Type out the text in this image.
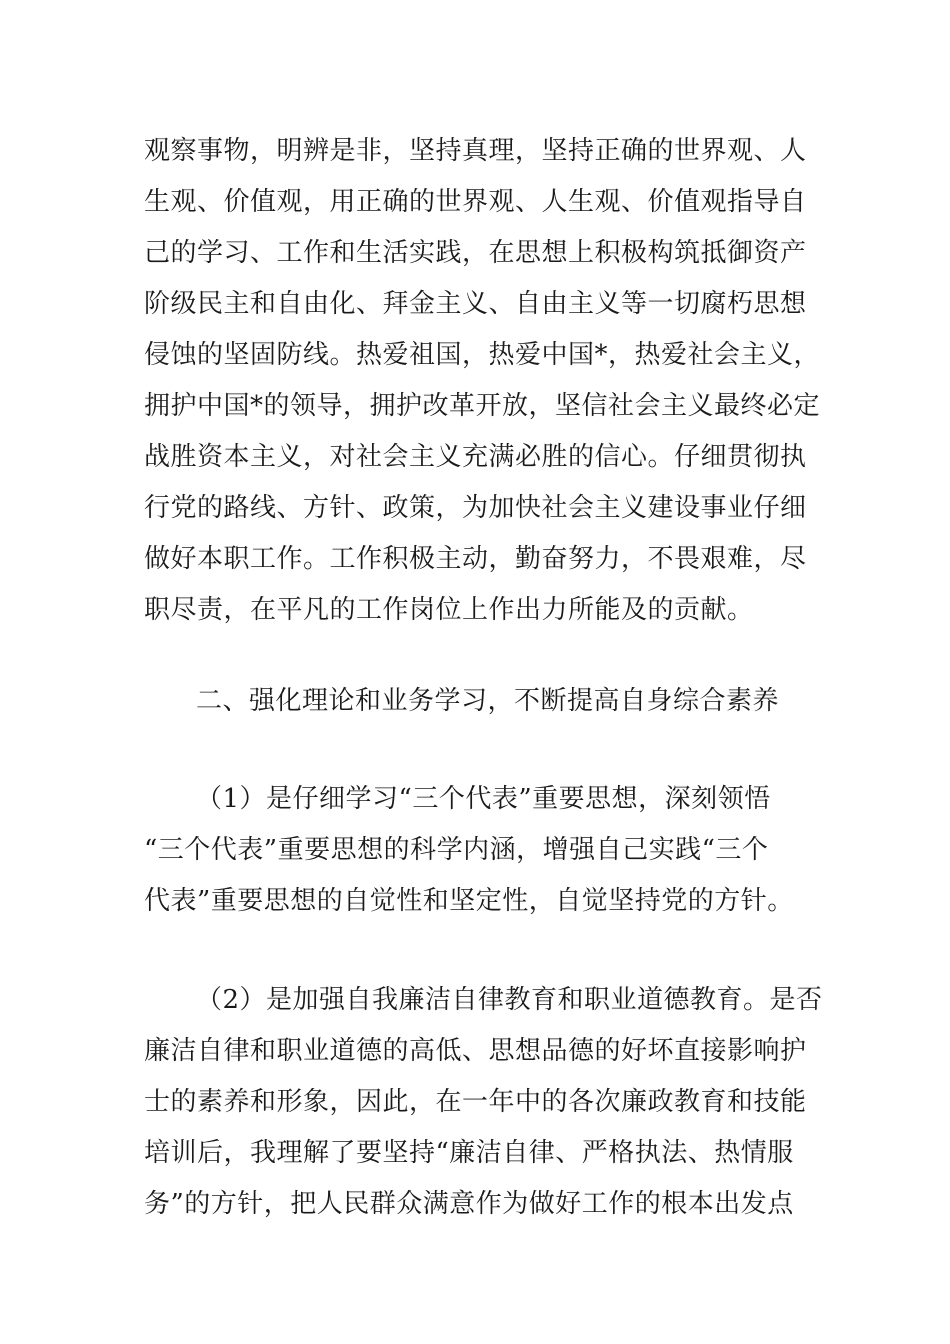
观察事物，明辨是非，坚持真理，坚持正确的世界观、人
生观、价值观，用正确的世界观、人生观、价值观指导自
己的学习、工作和生活实践，在思想上积极构筑抵御资产
阶级民主和自由化、拜金主义、自由主义等一切腐朽思想
侵蚀的坚固防线。热爱祖国，热爱中国*，热爱社会主义，
拥护中国*的领导，拥护改革开放，坚信社会主义最终必定
战胜资本主义，对社会主义充满必胜的信心。仔细贯彻执
行党的路线、方针、政策，为加快社会主义建设事业仔细
做好本职工作。工作积极主动，勤奋努力，不畏艰难，尽
职尽责，在平凡的工作岗位上作出力所能及的贡献。
二、强化理论和业务学习，不断提高自身综合素养
（1）是仔细学习“三个代表”重要思想，深刻领悟
“三个代表”重要思想的科学内涵，增强自己实践“三个
代表”重要思想的自觉性和坚定性，自觉坚持党的方针。
（2）是加强自我廉洁自律教育和职业道德教育。是否
廉洁自律和职业道德的高低、思想品德的好坏直接影响护
士的素养和形象，因此，在一年中的各次廉政教育和技能
培训后，我理解了要坚持“廉洁自律、严格执法、热情服
务”的方针，把人民群众满意作为做好工作的根本出发点
